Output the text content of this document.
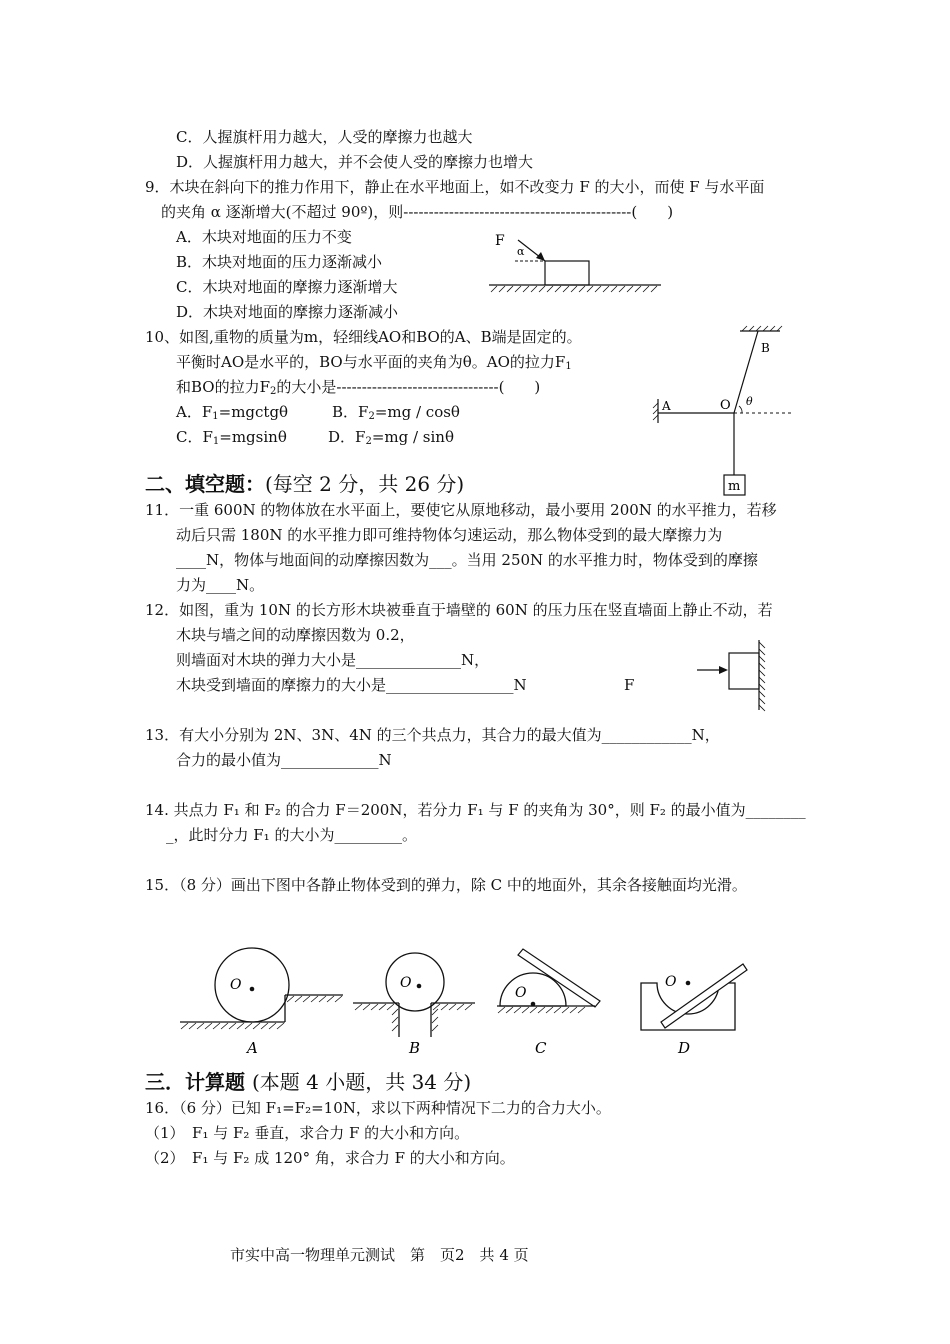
C．人握旗杆用力越大，人受的摩擦力也越大
D．人握旗杆用力越大，并不会使人受的摩擦力也增大
9．木块在斜向下的推力作用下，静止在水平地面上，如不改变力 F 的大小，而使 F 与水平面
的夹角 α 逐渐增大(不超过 90º)，则---------------------------------------------(　　)
A．木块对地面的压力不变
B．木块对地面的压力逐渐减小
C．木块对地面的摩擦力逐渐增大
D．木块对地面的摩擦力逐渐减小
F
α
10、如图,重物的质量为m，轻细线AO和BO的A、B端是固定的。
平衡时AO是水平的，BO与水平面的夹角为θ。AO的拉力$F_1$
和BO的拉力$F_2$的大小是--------------------------------(　　)
A．$F_1=mgctg\theta$	B．$F_2=mg / \cos\theta$
C．$F_1=mgsin\theta$	D．$F_2=mg / \sin\theta$
B
A	O θ
m
二、填空题：(每空 2 分，共 26 分)
11．一重 600N 的物体放在水平面上，要使它从原地移动，最小要用 200N 的水平推力，若移
动后只需 180N 的水平推力即可维持物体匀速运动，那么物体受到的最大摩擦力为
____N，物体与地面间的动摩擦因数为___。当用 250N 的水平推力时，物体受到的摩擦
力为____N。
12．如图，重为 10N 的长方形木块被垂直于墙壁的 60N 的压力压在竖直墙面上静止不动，若
木块与墙之间的动摩擦因数为 0.2，
则墙面对木块的弹力大小是______________N，
木块受到墙面的摩擦力的大小是_________________N	F
13．有大小分别为 2N、3N、4N 的三个共点力，其合力的最大值为____________N，
合力的最小值为_____________N
14. 共点力 F₁ 和 F₂ 的合力 F＝200N，若分力 F₁ 与 F 的夹角为 30°，则 F₂ 的最小值为________
_，此时分力 F₁ 的大小为_________。
15．（8 分）画出下图中各静止物体受到的弹力，除 C 中的地面外，其余各接触面均光滑。
O
A
O
B
O
C
O
D
三．计算题 (本题 4 小题，共 34 分)
16．（6 分）已知 F₁=F₂=10N，求以下两种情况下二力的合力大小。
（1）　F₁ 与 F₂ 垂直，求合力 F 的大小和方向。
（2）　F₁ 与 F₂ 成 120° 角，求合力 F 的大小和方向。
市实中高一物理单元测试　第　页2　共 4 页
